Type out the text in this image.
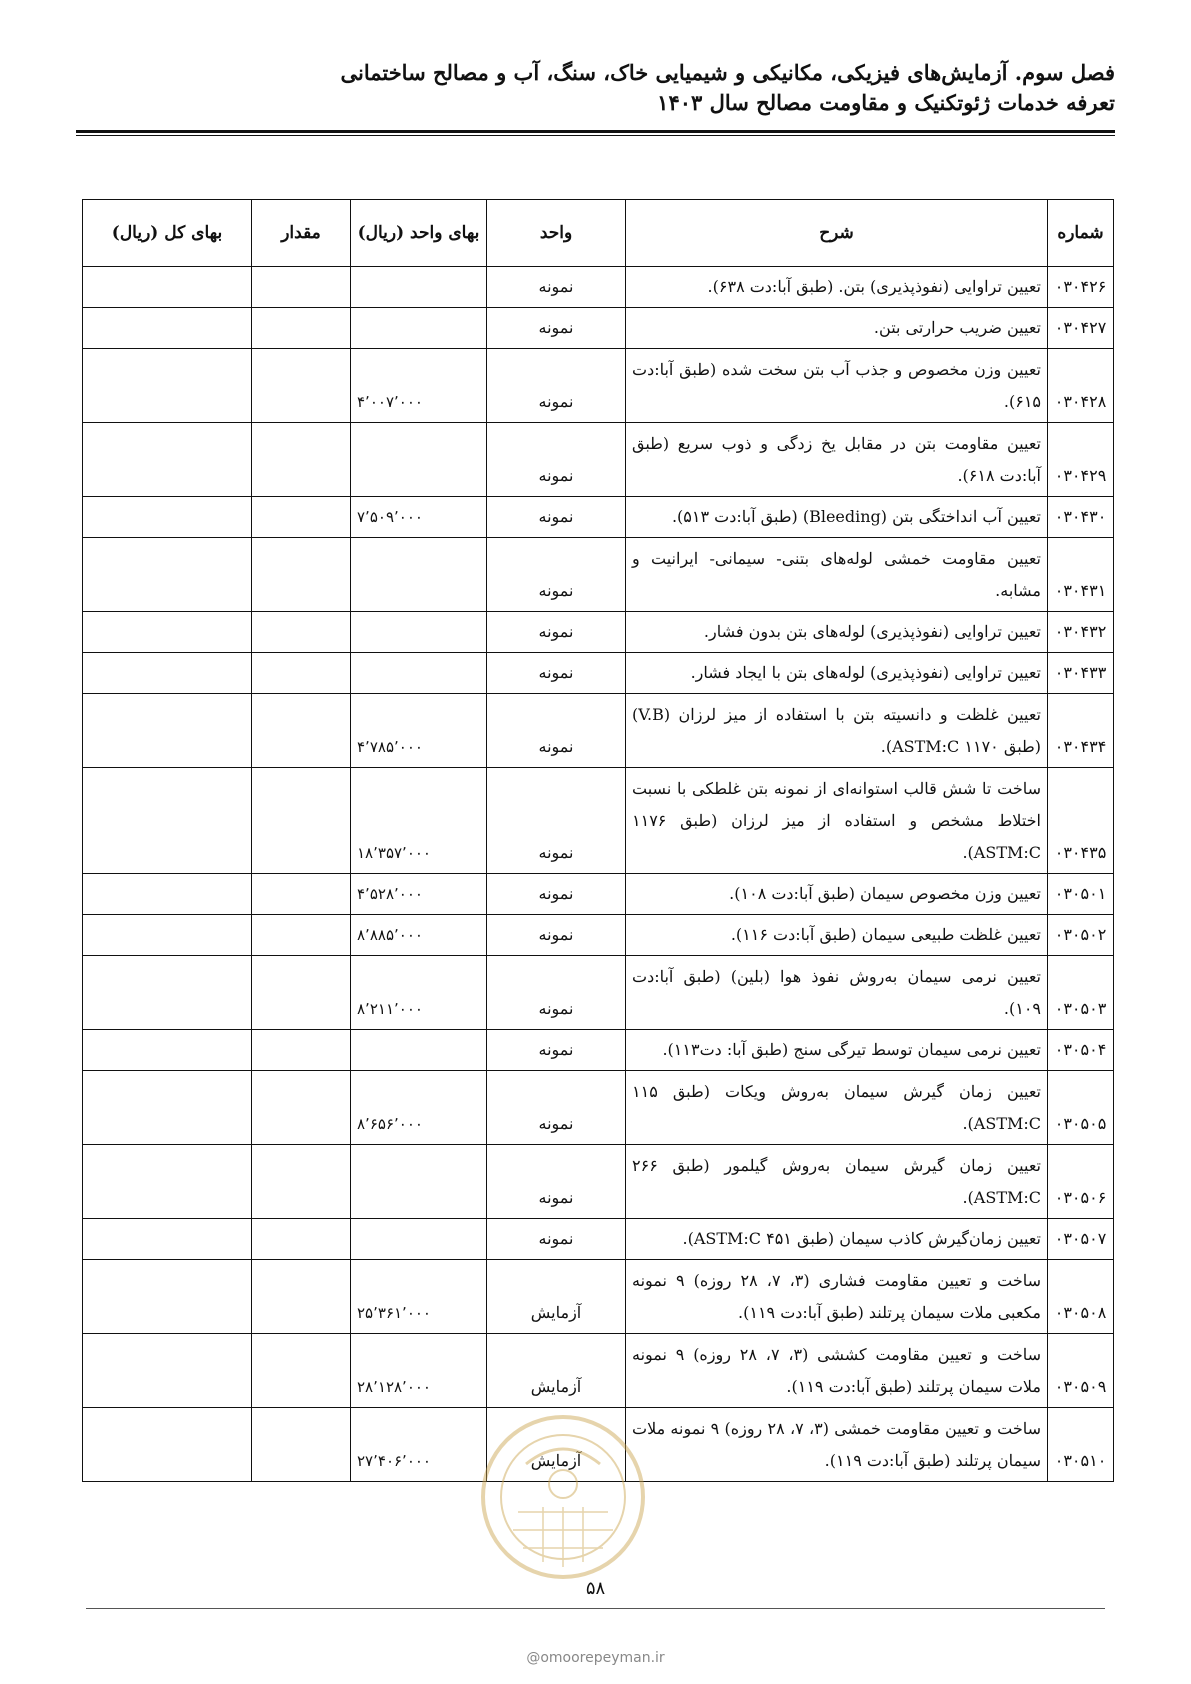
فصل سوم. آزمایش‌های فیزیکی، مکانیکی و شیمیایی خاک، سنگ، آب و مصالح ساختمانی
تعرفه خدمات ژئوتکنیک و مقاومت مصالح سال ۱۴۰۳
شماره	شرح	واحد	بهای واحد (ریال)	مقدار	بهای کل (ریال)
۰۳۰۴۲۶	تعیین تراوایی (نفوذپذیری) بتن. (طبق آبا:دت ۶۳۸).	نمونه			
۰۳۰۴۲۷	تعیین ضریب حرارتی بتن.	نمونه			
۰۳۰۴۲۸	تعیین وزن مخصوص و جذب آب بتن سخت شده (طبق آبا:دت ۶۱۵).	نمونه	۴٬۰۰۷٬۰۰۰		
۰۳۰۴۲۹	تعیین مقاومت بتن در مقابل یخ زدگی و ذوب سریع (طبق آبا:دت ۶۱۸).	نمونه			
۰۳۰۴۳۰	تعیین آب انداختگی بتن (Bleeding) (طبق آبا:دت ۵۱۳).	نمونه	۷٬۵۰۹٬۰۰۰		
۰۳۰۴۳۱	تعیین مقاومت خمشی لوله‌های بتنی- سیمانی- ایرانیت و مشابه.	نمونه			
۰۳۰۴۳۲	تعیین تراوایی (نفوذپذیری) لوله‌های بتن بدون فشار.	نمونه			
۰۳۰۴۳۳	تعیین تراوایی (نفوذپذیری) لوله‌های بتن با ایجاد فشار.	نمونه			
۰۳۰۴۳۴	تعیین غلظت و دانسیته بتن با استفاده از میز لرزان (V.B) (طبق ASTM:C ۱۱۷۰).	نمونه	۴٬۷۸۵٬۰۰۰		
۰۳۰۴۳۵	ساخت تا شش قالب استوانه‌ای از نمونه بتن غلطکی با نسبت اختلاط مشخص و استفاده از میز لرزان (طبق ۱۱۷۶ ASTM:C).	نمونه	۱۸٬۳۵۷٬۰۰۰		
۰۳۰۵۰۱	تعیین وزن مخصوص سیمان (طبق آبا:دت ۱۰۸).	نمونه	۴٬۵۲۸٬۰۰۰		
۰۳۰۵۰۲	تعیین غلظت طبیعی سیمان (طبق آبا:دت ۱۱۶).	نمونه	۸٬۸۸۵٬۰۰۰		
۰۳۰۵۰۳	تعیین نرمی سیمان به‌روش نفوذ هوا (بلین) (طبق آبا:دت ۱۰۹).	نمونه	۸٬۲۱۱٬۰۰۰		
۰۳۰۵۰۴	تعیین نرمی سیمان توسط تیرگی سنج (طبق آبا: دت۱۱۳).	نمونه			
۰۳۰۵۰۵	تعیین زمان گیرش سیمان به‌روش ویکات (طبق ۱۱۵ ASTM:C).	نمونه	۸٬۶۵۶٬۰۰۰		
۰۳۰۵۰۶	تعیین زمان گیرش سیمان به‌روش گیلمور (طبق ۲۶۶ ASTM:C).	نمونه			
۰۳۰۵۰۷	تعیین زمان‌گیرش کاذب سیمان (طبق ASTM:C ۴۵۱).	نمونه			
۰۳۰۵۰۸	ساخت و تعیین مقاومت فشاری (۳، ۷، ۲۸ روزه) ۹ نمونه مکعبی ملات سیمان پرتلند (طبق آبا:دت ۱۱۹).	آزمایش	۲۵٬۳۶۱٬۰۰۰		
۰۳۰۵۰۹	ساخت و تعیین مقاومت کششی (۳، ۷، ۲۸ روزه) ۹ نمونه ملات سیمان پرتلند (طبق آبا:دت ۱۱۹).	آزمایش	۲۸٬۱۲۸٬۰۰۰		
۰۳۰۵۱۰	ساخت و تعیین مقاومت خمشی (۳، ۷، ۲۸ روزه) ۹ نمونه ملات سیمان پرتلند (طبق آبا:دت ۱۱۹).	آزمایش	۲۷٬۴۰۶٬۰۰۰		
۵۸
@omoorepeyman.ir
